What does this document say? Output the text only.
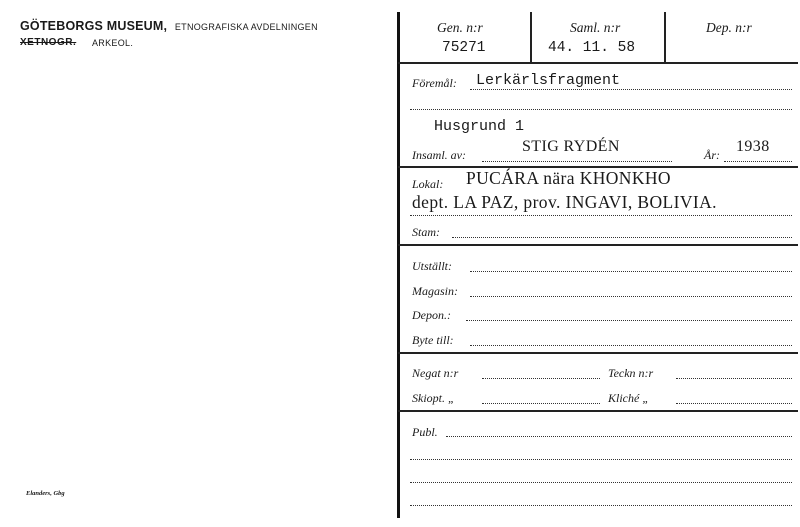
GÖTEBORGS MUSEUM, ETNOGRAFISKA AVDELNINGEN
XETNOGR. ARKEOL.
Elanders, Gbg
Gen. n:r
75271
Saml. n:r
44. 11. 58
Dep. n:r
Föremål: Lerkärlsfragment
Husgrund 1
Insaml. av:	STIG RYDÉN	År: 1938
Lokal: PUCÁRA nära KHONKHO
dept. LA PAZ, prov. INGAVI, BOLIVIA.
Stam:
Utställt:
Magasin:
Depon.:
Byte till:
Negat n:r	Teckn n:r
Skiopt. „	Kliché „
Publ.
